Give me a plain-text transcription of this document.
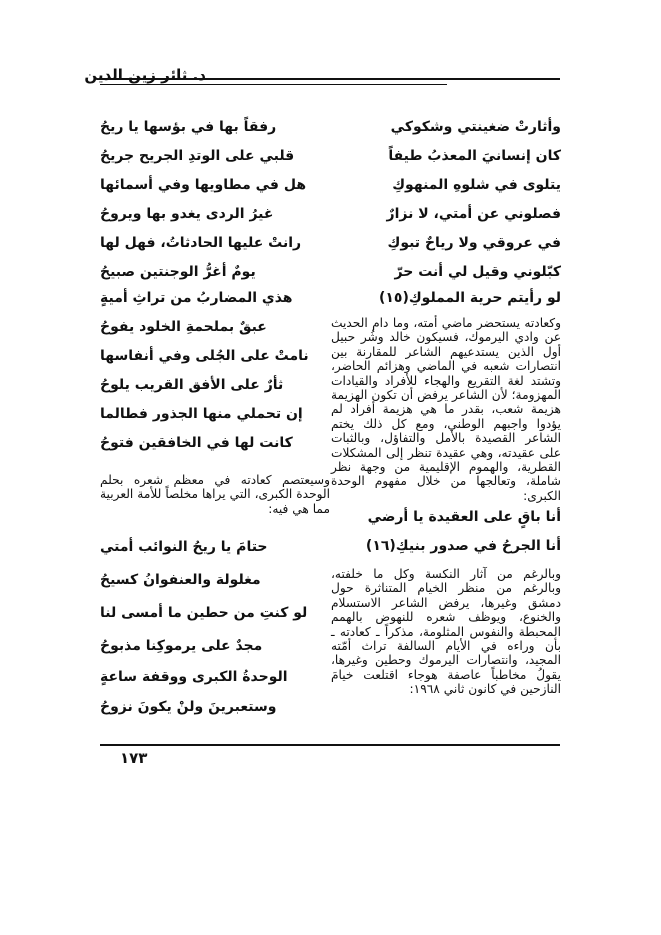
د. ثائر زين الدين
وأثارتْ ضغينتي وشكوكي
كان إنسانيَ المعذبُ طيفاً
يتلوى في شلوهِ المنهوكِ
فصلوني عن أمتي، لا نزارٌ
في عروقي ولا رياحٌ تبوكِ
كبّلوني وقيل لي أنت حرّ
لو رأيتم حرية المملوكِ(١٥)
وكعادته يستحضر ماضي أمته، وما دام الحديث عن وادي اليرموك، فسيكون خالد وشُر حبيل أول الذين يستدعيهم الشاعر للمقارنة بين انتصارات شعبه في الماضي وهزائم الحاضر، وتشتد لغة التقريع والهجاء للأفراد والقيادات المهزومة؛ لأن الشاعر يرفض أن تكون الهزيمة هزيمة شعب، بقدر ما هي هزيمة أفراد لم يؤدوا واجبهم الوطني، ومع كل ذلك يختم الشاعر القصيدة بالأمل والتفاؤل، وبالثبات على عقيدته، وهي عقيدة تنظر إلى المشكلات القطرية، والهموم الإقليمية من وجهة نظر شاملة، وتعالجها من خلال مفهوم الوحدة الكبرى:
أنا باقٍ على العقيدة يا أرضي
أنا الجرحُ في صدور بنيكِ(١٦)
وبالرغم من آثار النكسة وكل ما خلفته، وبالرغم من منظر الخيام المتناثرة حول دمشق وغيرها، يرفض الشاعر الاستسلام والخنوع، ويوظف شعره للنهوض بالهمم المحبطة والنفوس المثلومة، مذكراً ـ كعادته ـ بأن وراءه في الأيام السالفة تراث أمّته المجيد، وانتصارات اليرموك وحطين وغيرها، يقولُ مخاطباً عاصفة هوجاء اقتلعت خيامَ النازحين في كانون ثاني ١٩٦٨:
رفقاً بها في بؤسها يا ريحُ
قلبي على الوتدِ الجريح جريحُ
هل في مطاويها وفي أسمائها
غيرُ الردى يغدو بها ويروحُ
رانتْ عليها الحادثاتُ، فهل لها
يومٌ أغرُّ الوجنتين صبيحُ
هذي المضاربُ من تراثِ أميةٍ
عبقٌ بملحمةِ الخلود يفوحُ
نامتْ على الجُلى وفي أنفاسها
ثأرٌ على الأفق القريب يلوحُ
إن تحملي منها الجذور فطالما
كانت لها في الخافقين فتوحُ
وسيعتصم كعادته في معظم شعره بحلم الوحدة الكبرى، التي يراها مخلصاً للأمة العربية مما هي فيه:
حتامَ يا ريحُ النوائب أمتي
مغلولة والعنفوانُ كسيحُ
لو كنتِ من حطين ما أمسى لنا
مجدٌ على يرموكِنا مذبوحُ
الوحدةُ الكبرى ووقفة ساعةٍ
وستعبرينَ ولنْ يكونَ نزوحُ
١٧٣
